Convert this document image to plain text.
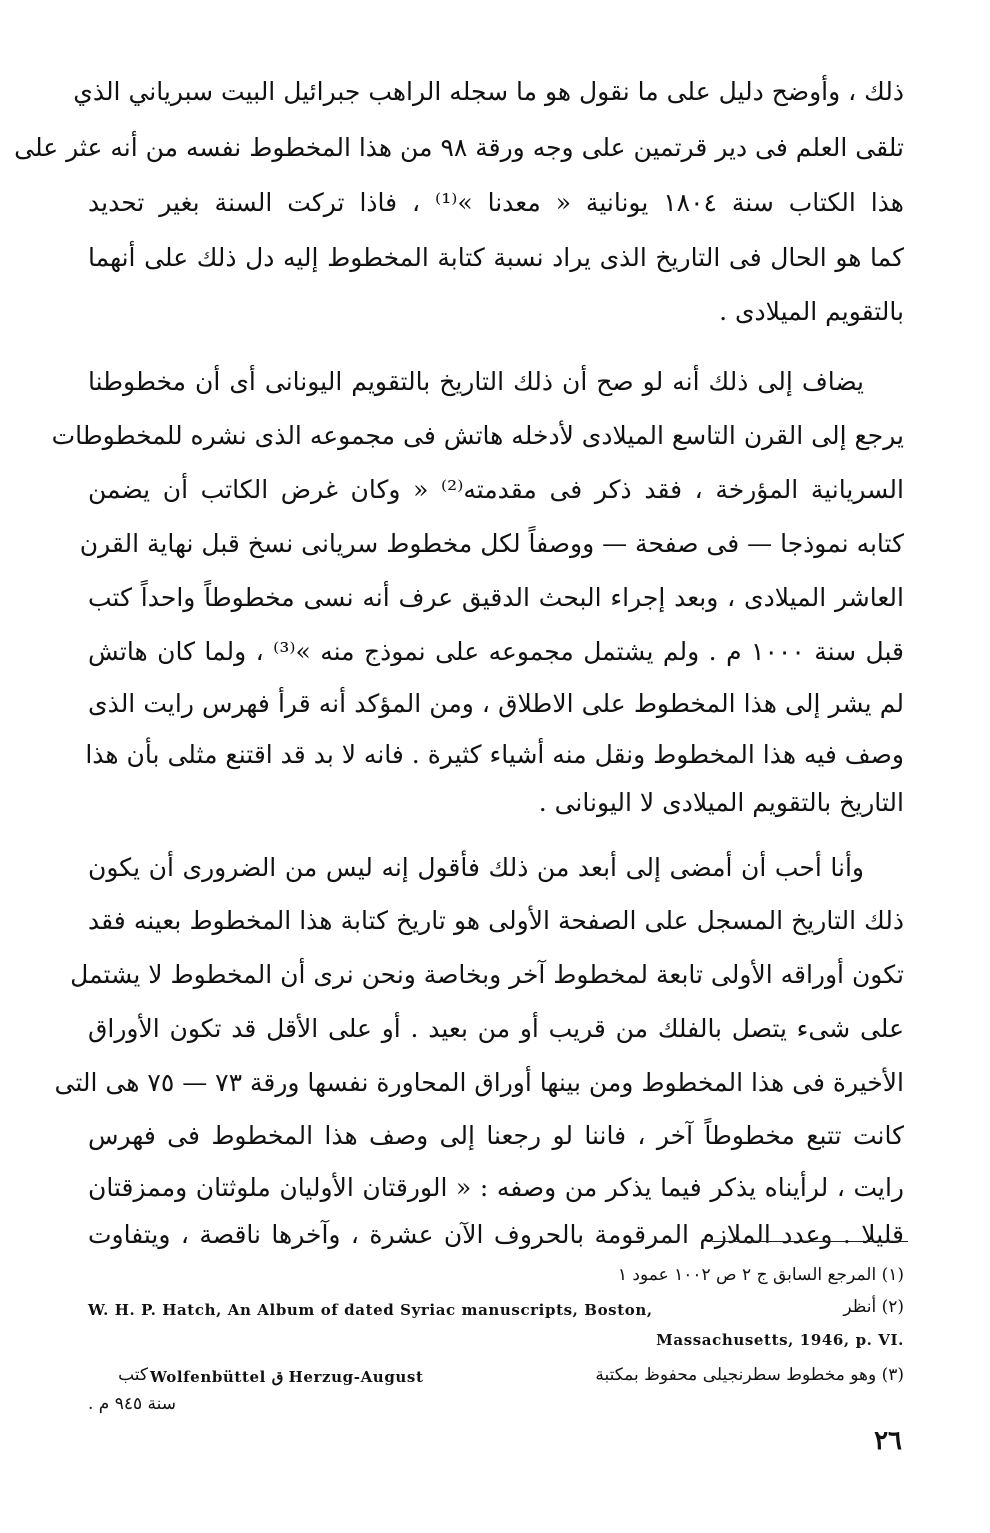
ذلك ، وأوضح دليل على ما نقول هو ما سجله الراهب جبرائيل البيت سبرياني الذي
تلقى العلم فى دير قرتمين على وجه ورقة ٩٨ من هذا المخطوط نفسه من أنه عثر على
هذا الكتاب سنة ١٨٠٤ يونانية « معدنا »⁽¹⁾ ، فاذا تركت السنة بغير تحديد
كما هو الحال فى التاريخ الذى يراد نسبة كتابة المخطوط إليه دل ذلك على أنهما
بالتقويم الميلادى .
يضاف إلى ذلك أنه لو صح أن ذلك التاريخ بالتقويم اليونانى أى أن مخطوطنا
يرجع إلى القرن التاسع الميلادى لأدخله هاتش فى مجموعه الذى نشره للمخطوطات
السريانية المؤرخة ، فقد ذكر فى مقدمته⁽²⁾ « وكان غرض الكاتب أن يضمن
كتابه نموذجا — فى صفحة — ووصفاً لكل مخطوط سريانى نسخ قبل نهاية القرن
العاشر الميلادى ، وبعد إجراء البحث الدقيق عرف أنه نسى مخطوطاً واحداً كتب
قبل سنة ١٠٠٠ م . ولم يشتمل مجموعه على نموذج منه »⁽³⁾ ، ولما كان هاتش
لم يشر إلى هذا المخطوط على الاطلاق ، ومن المؤكد أنه قرأ فهرس رايت الذى
وصف فيه هذا المخطوط ونقل منه أشياء كثيرة . فانه لا بد قد اقتنع مثلى بأن هذا
التاريخ بالتقويم الميلادى لا اليونانى .
وأنا أحب أن أمضى إلى أبعد من ذلك فأقول إنه ليس من الضرورى أن يكون
ذلك التاريخ المسجل على الصفحة الأولى هو تاريخ كتابة هذا المخطوط بعينه فقد
تكون أوراقه الأولى تابعة لمخطوط آخر وبخاصة ونحن نرى أن المخطوط لا يشتمل
على شىء يتصل بالفلك من قريب أو من بعيد . أو على الأقل قد تكون الأوراق
الأخيرة فى هذا المخطوط ومن بينها أوراق المحاورة نفسها ورقة ٧٣ — ٧٥ هى التى
كانت تتبع مخطوطاً آخر ، فاننا لو رجعنا إلى وصف هذا المخطوط فى فهرس
رايت ، لرأيناه يذكر فيما يذكر من وصفه : « الورقتان الأوليان ملوثتان وممزقتان
قليلا . وعدد الملازم المرقومة بالحروف الآن عشرة ، وآخرها ناقصة ، ويتفاوت
(١) المرجع السابق ج ٢ ص ١٠٠٢ عمود ١
W. H. P. Hatch, An Album of dated Syriac manuscripts, Boston,	(٢) أنظر
Massachusetts, 1946, p. VI.
كتب Wolfenbüttel ق Herzug-August	(٣) وهو مخطوط سطرنجيلى محفوظ بمكتبة
سنة ٩٤٥ م .
٢٦
